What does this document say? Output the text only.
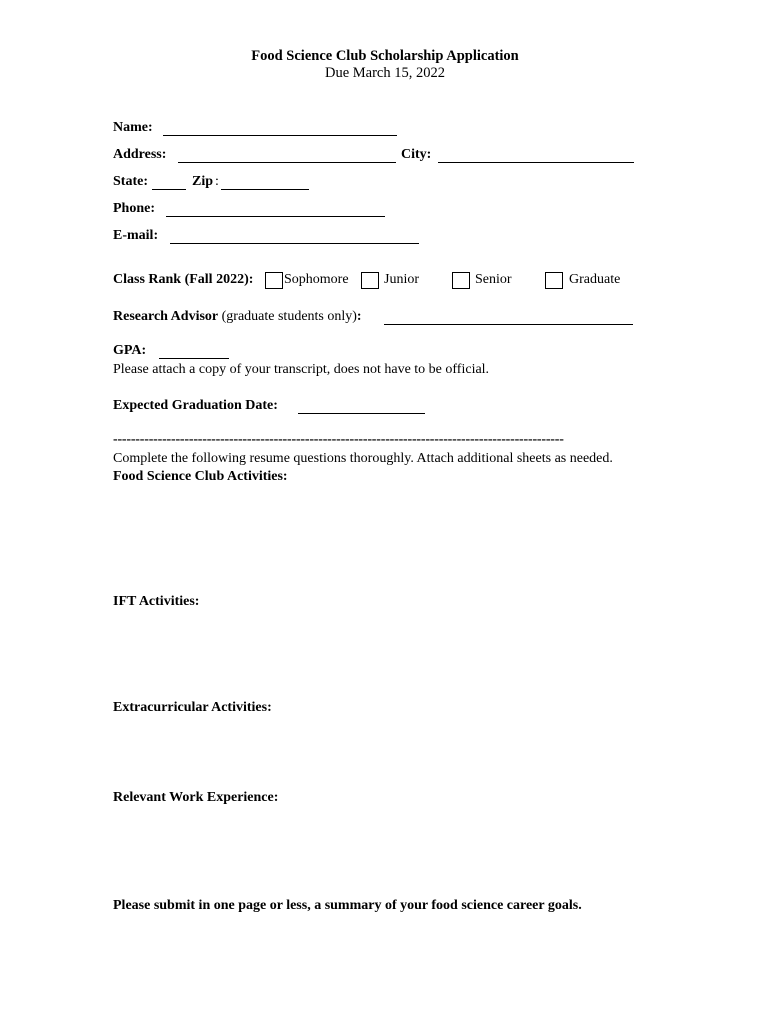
Food Science Club Scholarship Application
Due March 15, 2022
Name:
Address:	City:
State:	Zip :
Phone:
E-mail:
Class Rank (Fall 2022): Sophomore	Junior	Senior	Graduate
Research Advisor (graduate students only):
GPA:
Please attach a copy of your transcript, does not have to be official.
Expected Graduation Date:
-----------------------------------------------------------------------------------------------------
Complete the following resume questions thoroughly. Attach additional sheets as needed.
Food Science Club Activities:
IFT Activities:
Extracurricular Activities:
Relevant Work Experience:
Please submit in one page or less, a summary of your food science career goals.
